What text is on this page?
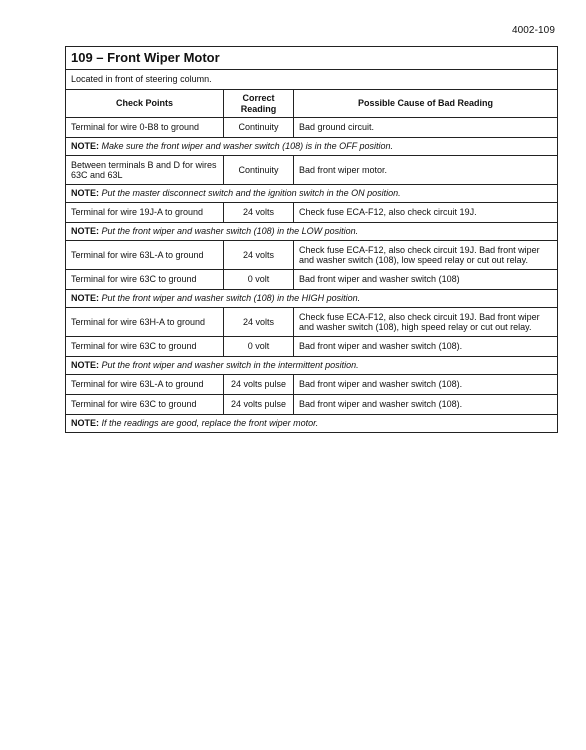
4002-109
109 – Front Wiper Motor		
Located in front of steering column.		
Check Points	Correct Reading	Possible Cause of Bad Reading
Terminal for wire 0-B8 to ground	Continuity	Bad ground circuit.
NOTE: Make sure the front wiper and washer switch (108) is in the OFF position.		
Between terminals B and D for wires 63C and 63L	Continuity	Bad front wiper motor.
NOTE: Put the master disconnect switch and the ignition switch in the ON position.		
Terminal for wire 19J-A to ground	24 volts	Check fuse ECA-F12, also check circuit 19J.
NOTE: Put the front wiper and washer switch (108) in the LOW position.		
Terminal for wire 63L-A to ground	24 volts	Check fuse ECA-F12, also check circuit 19J. Bad front wiper and washer switch (108), low speed relay or cut out relay.
Terminal for wire 63C to ground	0 volt	Bad front wiper and washer switch (108)
NOTE: Put the front wiper and washer switch (108) in the HIGH position.		
Terminal for wire 63H-A to ground	24 volts	Check fuse ECA-F12, also check circuit 19J. Bad front wiper and washer switch (108), high speed relay or cut out relay.
Terminal for wire 63C to ground	0 volt	Bad front wiper and washer switch (108).
NOTE: Put the front wiper and washer switch in the intermittent position.		
Terminal for wire 63L-A to ground	24 volts pulse	Bad front wiper and washer switch (108).
Terminal for wire 63C to ground	24 volts pulse	Bad front wiper and washer switch (108).
NOTE: If the readings are good, replace the front wiper motor.		
